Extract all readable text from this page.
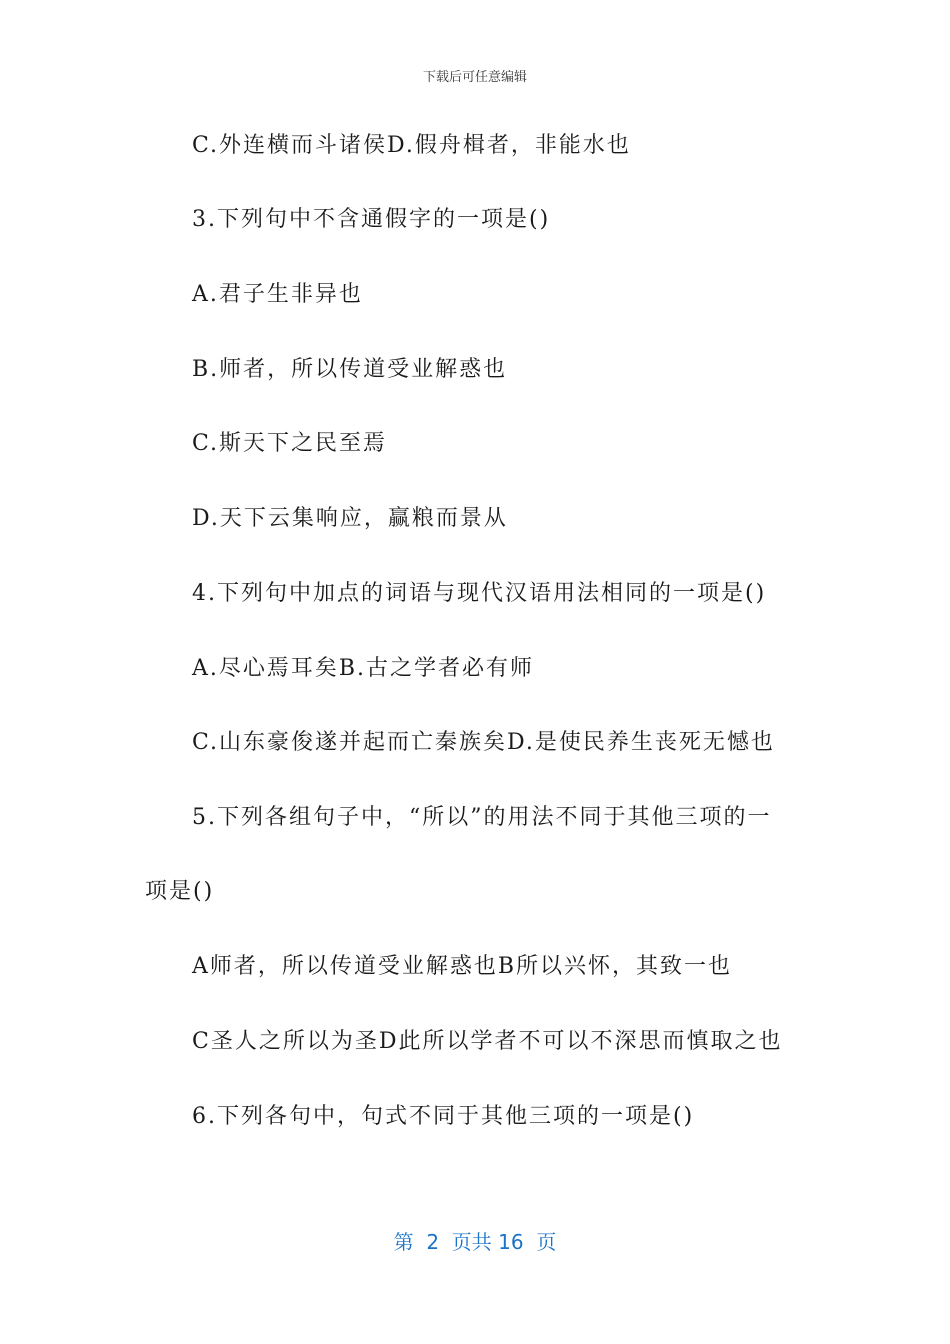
下载后可任意编辑
C.外连横而斗诸侯D.假舟楫者，非能水也
3.下列句中不含通假字的一项是()
A.君子生非异也
B.师者，所以传道受业解惑也
C.斯天下之民至焉
D.天下云集响应，赢粮而景从
4.下列句中加点的词语与现代汉语用法相同的一项是()
A.尽心焉耳矣B.古之学者必有师
C.山东豪俊遂并起而亡秦族矣D.是使民养生丧死无憾也
5.下列各组句子中，“所以”的用法不同于其他三项的一
项是()
A师者，所以传道受业解惑也B所以兴怀，其致一也
C圣人之所以为圣D此所以学者不可以不深思而慎取之也
6.下列各句中，句式不同于其他三项的一项是()
第  2  页共 16  页
